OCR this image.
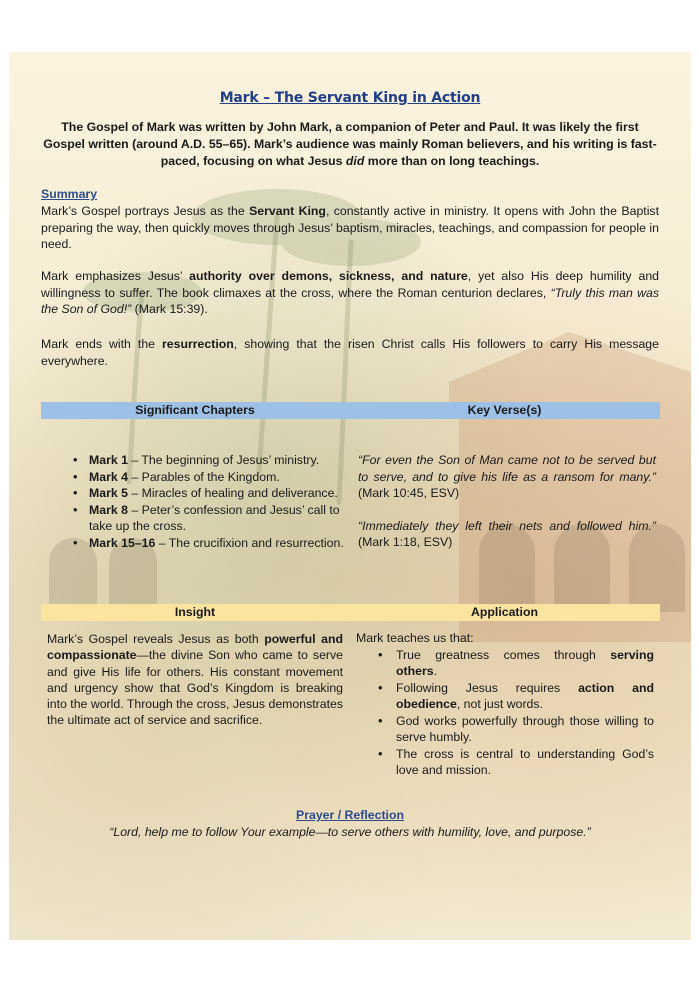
Mark – The Servant King in Action
The Gospel of Mark was written by John Mark, a companion of Peter and Paul. It was likely the first Gospel written (around A.D. 55–65). Mark’s audience was mainly Roman believers, and his writing is fast-paced, focusing on what Jesus did more than on long teachings.
Summary
Mark’s Gospel portrays Jesus as the Servant King, constantly active in ministry. It opens with John the Baptist preparing the way, then quickly moves through Jesus’ baptism, miracles, teachings, and compassion for people in need.
Mark emphasizes Jesus’ authority over demons, sickness, and nature, yet also His deep humility and willingness to suffer. The book climaxes at the cross, where the Roman centurion declares, “Truly this man was the Son of God!” (Mark 15:39).
Mark ends with the resurrection, showing that the risen Christ calls His followers to carry His message everywhere.
Significant Chapters	Key Verse(s)
• Mark 1 – The beginning of Jesus’ ministry.
• Mark 4 – Parables of the Kingdom.
• Mark 5 – Miracles of healing and deliverance.
• Mark 8 – Peter’s confession and Jesus’ call to take up the cross.
• Mark 15–16 – The crucifixion and resurrection.

“For even the Son of Man came not to be served but to serve, and to give his life as a ransom for many.” (Mark 10:45, ESV)

“Immediately they left their nets and followed him.” (Mark 1:18, ESV)

Insight	Application
Mark’s Gospel reveals Jesus as both powerful and compassionate—the divine Son who came to serve and give His life for others. His constant movement and urgency show that God’s Kingdom is breaking into the world. Through the cross, Jesus demonstrates the ultimate act of service and sacrifice.
Mark teaches us that:
• True greatness comes through serving others.
• Following Jesus requires action and obedience, not just words.
• God works powerfully through those willing to serve humbly.
• The cross is central to understanding God’s love and mission.
Prayer / Reflection
“Lord, help me to follow Your example—to serve others with humility, love, and purpose.”
